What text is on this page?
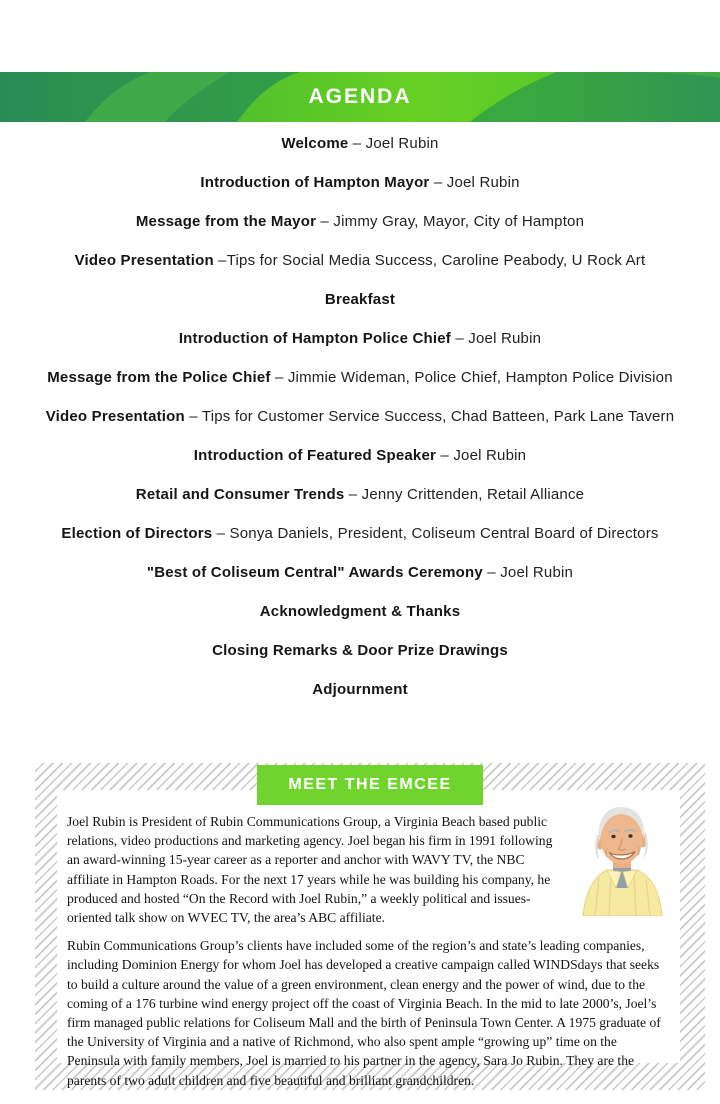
AGENDA
Welcome – Joel Rubin
Introduction of Hampton Mayor – Joel Rubin
Message from the Mayor – Jimmy Gray, Mayor, City of Hampton
Video Presentation –Tips for Social Media Success, Caroline Peabody, U Rock Art
Breakfast
Introduction of Hampton Police Chief – Joel Rubin
Message from the Police Chief – Jimmie Wideman, Police Chief, Hampton Police Division
Video Presentation – Tips for Customer Service Success, Chad Batteen, Park Lane Tavern
Introduction of Featured Speaker – Joel Rubin
Retail and Consumer Trends – Jenny Crittenden, Retail Alliance
Election of Directors – Sonya Daniels, President, Coliseum Central Board of Directors
"Best of Coliseum Central" Awards Ceremony – Joel Rubin
Acknowledgment & Thanks
Closing Remarks & Door Prize Drawings
Adjournment

Joel Rubin is President of Rubin Communications Group, a Virginia Beach based public relations, video productions and marketing agency. Joel began his firm in 1991 following an award-winning 15-year career as a reporter and anchor with WAVY TV, the NBC affiliate in Hampton Roads. For the next 17 years while he was building his company, he produced and hosted “On the Record with Joel Rubin,” a weekly political and issues-oriented talk show on WVEC TV, the area’s ABC affiliate.

Rubin Communications Group’s clients have included some of the region’s and state’s leading companies, including Dominion Energy for whom Joel has developed a creative campaign called WINDSdays that seeks to build a culture around the value of a green environment, clean energy and the power of wind, due to the coming of a 176 turbine wind energy project off the coast of Virginia Beach. In the mid to late 2000’s, Joel’s firm managed public relations for Coliseum Mall and the birth of Peninsula Town Center. A 1975 graduate of the University of Virginia and a native of Richmond, who also spent ample “growing up” time on the Peninsula with family members, Joel is married to his partner in the agency, Sara Jo Rubin. They are the parents of two adult children and five beautiful and brilliant grandchildren.

MEET THE EMCEE
